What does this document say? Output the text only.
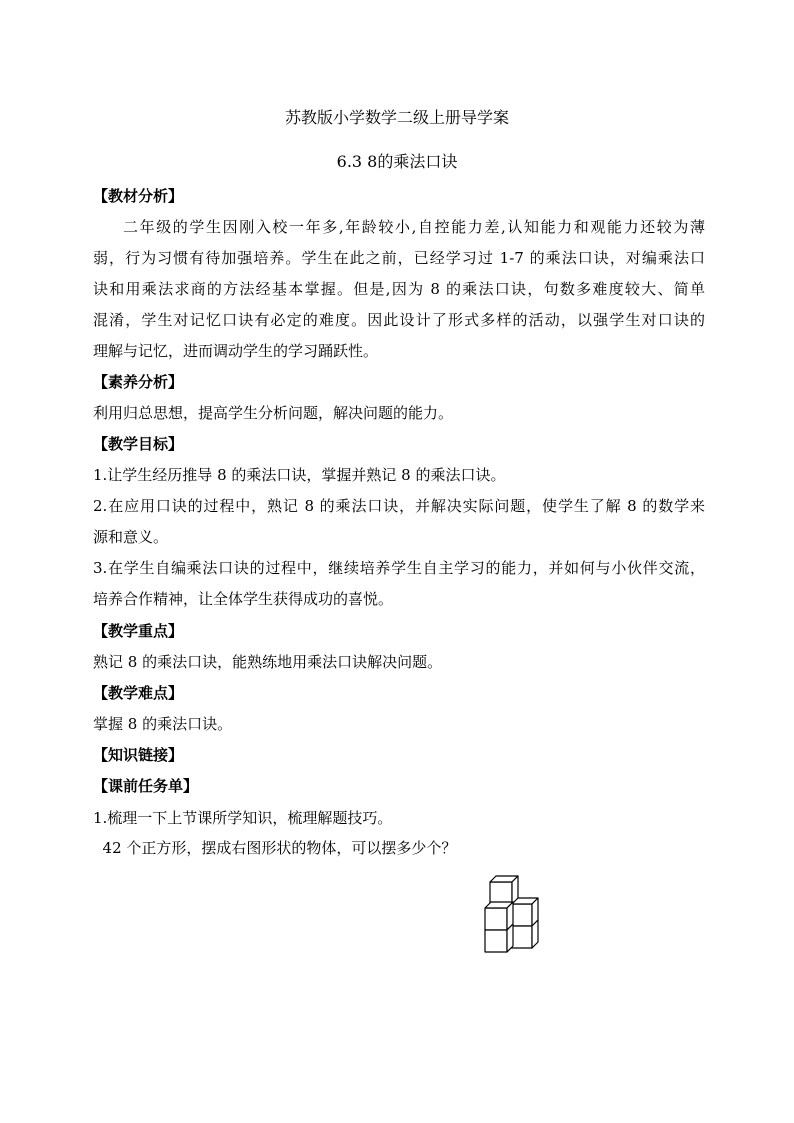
苏教版小学数学二级上册导学案
6.3 8的乘法口诀
【教材分析】
二年级的学生因刚入校一年多,年龄较小,自控能力差,认知能力和观能力还较为薄
弱，行为习惯有待加强培养。学生在此之前，已经学习过 1-7 的乘法口诀，对编乘法口
诀和用乘法求商的方法经基本掌握。但是,因为 8 的乘法口诀，句数多难度较大、简单
混淆，学生对记忆口诀有必定的难度。因此设计了形式多样的活动，以强学生对口诀的
理解与记忆，进而调动学生的学习踊跃性。
【素养分析】
利用归总思想，提高学生分析问题，解决问题的能力。
【教学目标】
1.让学生经历推导 8 的乘法口诀，掌握并熟记 8 的乘法口诀。
2.在应用口诀的过程中，熟记 8 的乘法口诀，并解决实际问题，使学生了解 8 的数学来
源和意义。
3.在学生自编乘法口诀的过程中，继续培养学生自主学习的能力，并如何与小伙伴交流，
培养合作精神，让全体学生获得成功的喜悦。
【教学重点】
熟记 8 的乘法口诀，能熟练地用乘法口诀解决问题。
【教学难点】
掌握 8 的乘法口诀。
【知识链接】
【课前任务单】
1.梳理一下上节课所学知识，梳理解题技巧。
42 个正方形，摆成右图形状的物体，可以摆多少个？
